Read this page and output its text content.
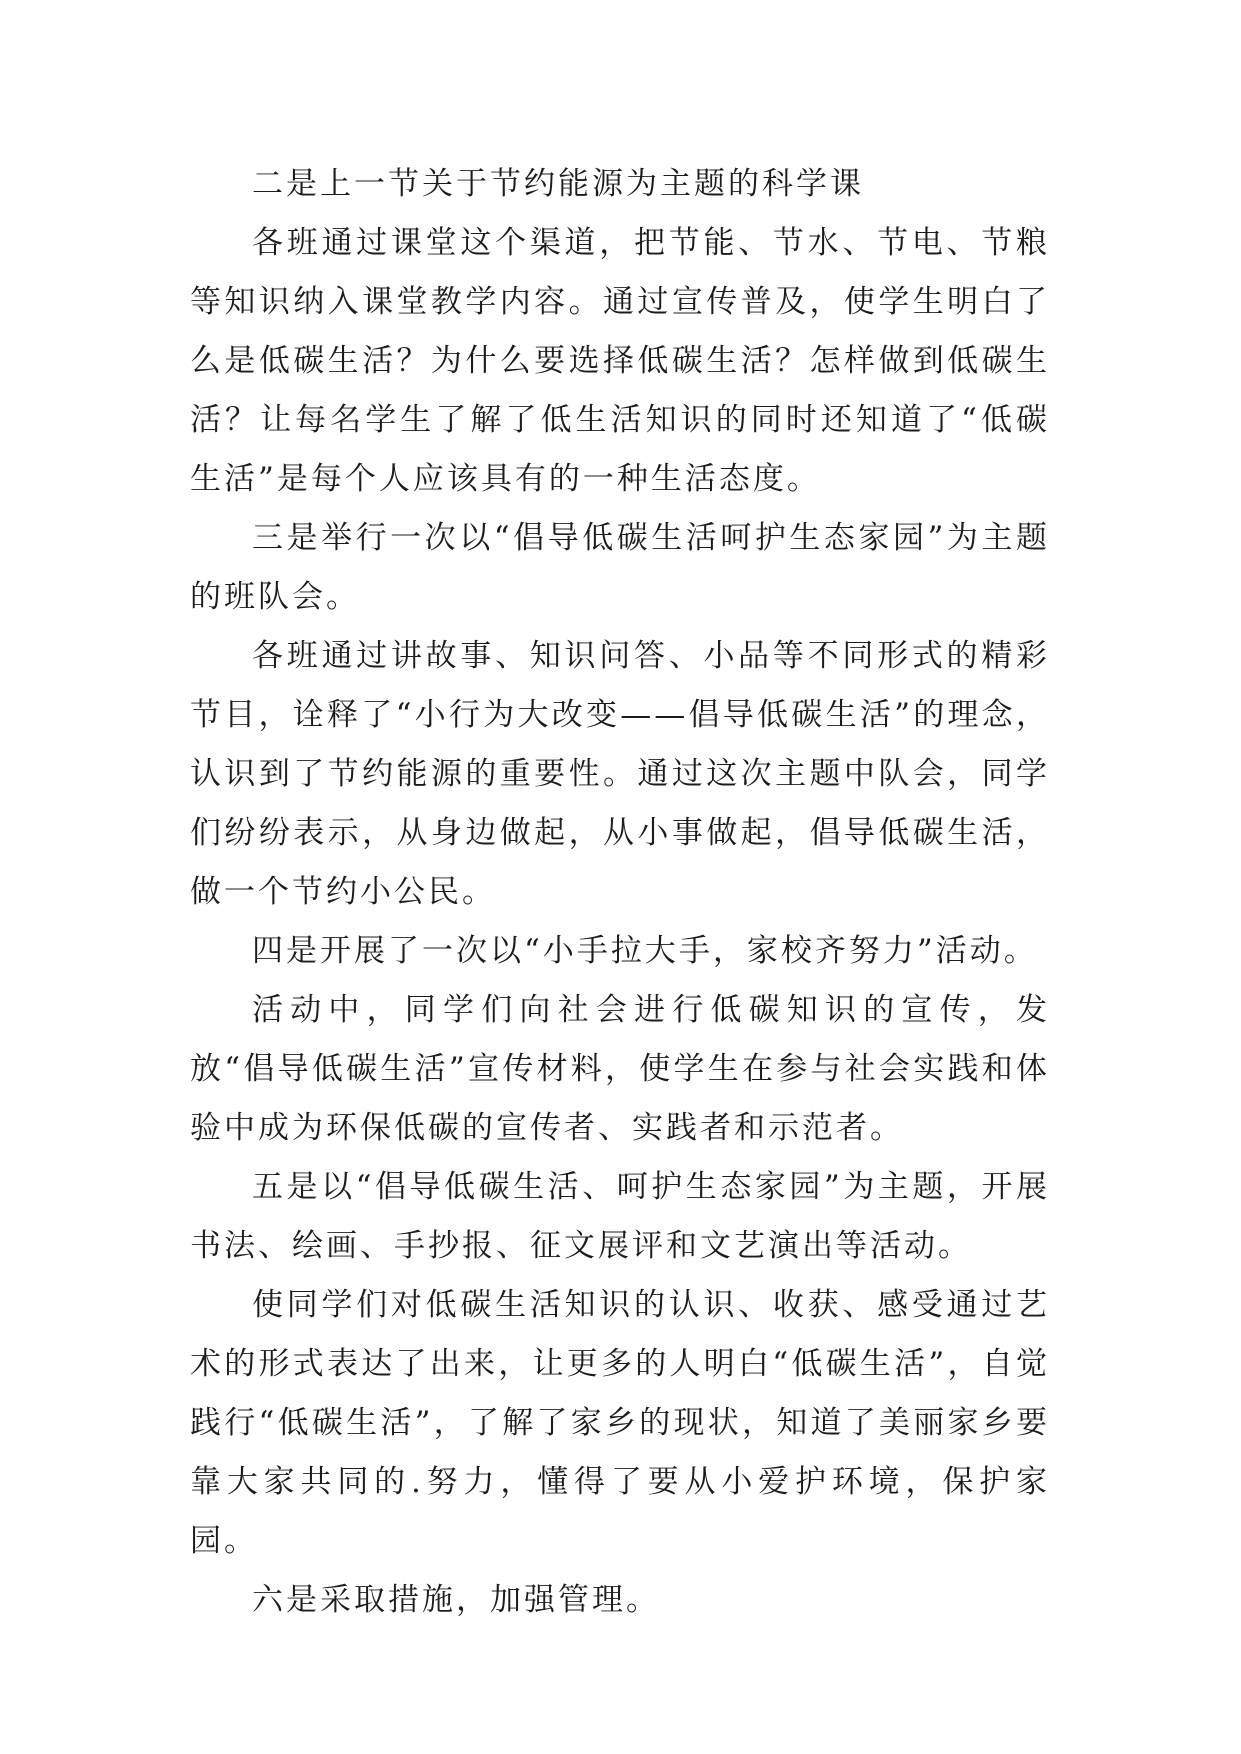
二是上一节关于节约能源为主题的科学课

各班通过课堂这个渠道，把节能、节水、节电、节粮等知识纳入课堂教学内容。通过宣传普及，使学生明白了么是低碳生活？为什么要选择低碳生活？怎样做到低碳生活？让每名学生了解了低生活知识的同时还知道了“低碳生活”是每个人应该具有的一种生活态度。

三是举行一次以“倡导低碳生活呵护生态家园”为主题的班队会。

各班通过讲故事、知识问答、小品等不同形式的精彩节目，诠释了“小行为大改变——倡导低碳生活”的理念，认识到了节约能源的重要性。通过这次主题中队会，同学们纷纷表示，从身边做起，从小事做起，倡导低碳生活，做一个节约小公民。

四是开展了一次以“小手拉大手，家校齐努力”活动。

活动中，同学们向社会进行低碳知识的宣传，发放“倡导低碳生活”宣传材料，使学生在参与社会实践和体验中成为环保低碳的宣传者、实践者和示范者。

五是以“倡导低碳生活、呵护生态家园”为主题，开展书法、绘画、手抄报、征文展评和文艺演出等活动。

使同学们对低碳生活知识的认识、收获、感受通过艺术的形式表达了出来，让更多的人明白“低碳生活”，自觉践行“低碳生活”，了解了家乡的现状，知道了美丽家乡要靠大家共同的.努力，懂得了要从小爱护环境，保护家园。

六是采取措施，加强管理。
